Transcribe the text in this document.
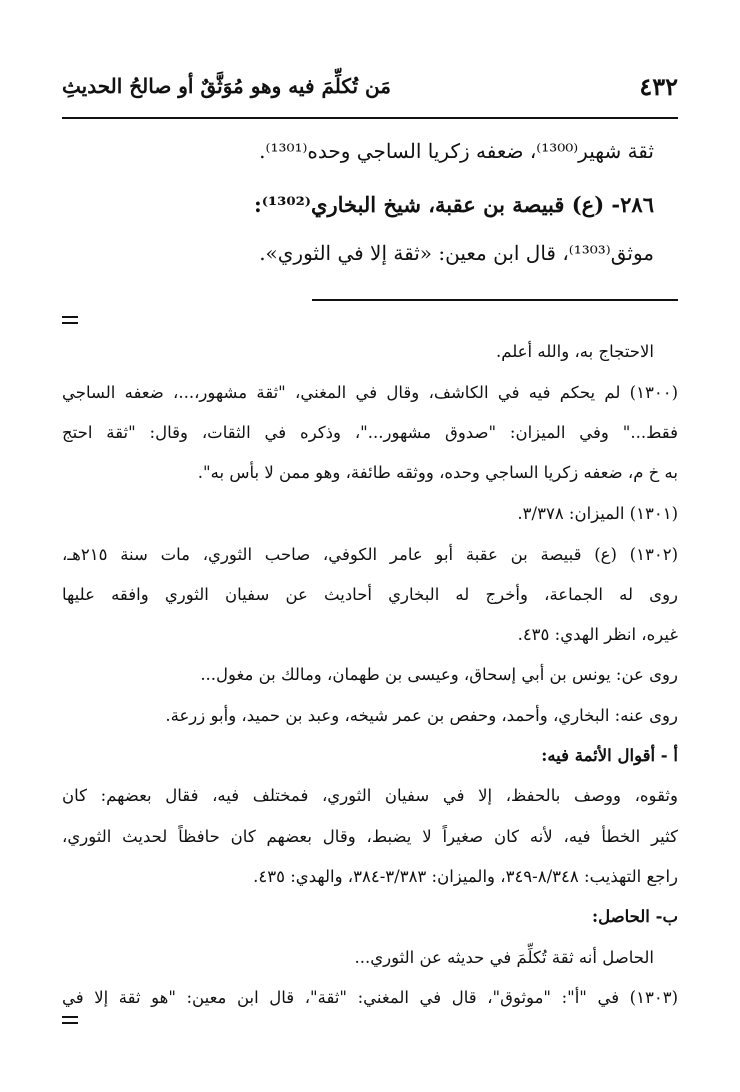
٤٣٢
مَن تُكلِّمَ فيه وهو مُوَثَّقٌ أو صالحُ الحديثِ
ثقة شهير⁽¹³⁰⁰⁾، ضعفه زكريا الساجي وحده⁽¹³⁰¹⁾.
٢٨٦- (ع) قبيصة بن عقبة، شيخ البخاري⁽¹³⁰²⁾:
موثق⁽¹³⁰³⁾، قال ابن معين: «ثقة إلا في الثوري».
الاحتجاج به، والله أعلم.
(١٣٠٠) لم يحكم فيه في الكاشف، وقال في المغني، "ثقة مشهور،...، ضعفه الساجي
فقط..." وفي الميزان: "صدوق مشهور..."، وذكره في الثقات، وقال: "ثقة احتج
به خ م، ضعفه زكريا الساجي وحده، ووثقه طائفة، وهو ممن لا بأس به".
(١٣٠١) الميزان: ٣/٣٧٨.
(١٣٠٢) (ع) قبيصة بن عقبة أبو عامر الكوفي، صاحب الثوري، مات سنة ٢١٥هـ،
روى له الجماعة، وأخرج له البخاري أحاديث عن سفيان الثوري وافقه عليها
غيره، انظر الهدي: ٤٣٥.
روى عن: يونس بن أبي إسحاق، وعيسى بن طهمان، ومالك بن مغول...
روى عنه: البخاري، وأحمد، وحفص بن عمر شيخه، وعبد بن حميد، وأبو زرعة.
أ - أقوال الأئمة فيه:
وثقوه، ووصف بالحفظ، إلا في سفيان الثوري، فمختلف فيه، فقال بعضهم: كان
كثير الخطأ فيه، لأنه كان صغيراً لا يضبط، وقال بعضهم كان حافظاً لحديث الثوري،
راجع التهذيب: ٨/٣٤٨-٣٤٩، والميزان: ٣/٣٨٣-٣٨٤، والهدي: ٤٣٥.
ب- الحاصل:
الحاصل أنه ثقة تُكلِّمَ في حديثه عن الثوري...
(١٣٠٣) في "أ": "موثوق"، قال في المغني: "ثقة"، قال ابن معين: "هو ثقة إلا في
